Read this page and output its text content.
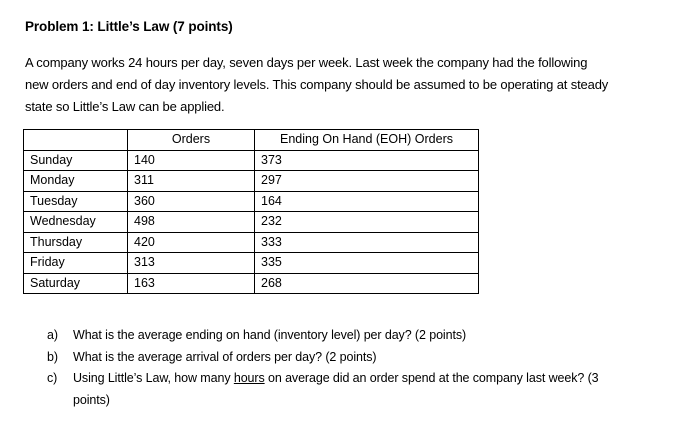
Problem 1: Little’s Law (7 points)
A company works 24 hours per day, seven days per week. Last week the company had the following
new orders and end of day inventory levels. This company should be assumed to be operating at steady
state so Little’s Law can be applied.
	Orders	Ending On Hand (EOH) Orders
Sunday	140	373
Monday	311	297
Tuesday	360	164
Wednesday	498	232
Thursday	420	333
Friday	313	335
Saturday	163	268
a) What is the average ending on hand (inventory level) per day? (2 points)
b) What is the average arrival of orders per day? (2 points)
c) Using Little’s Law, how many hours on average did an order spend at the company last week? (3
points)
